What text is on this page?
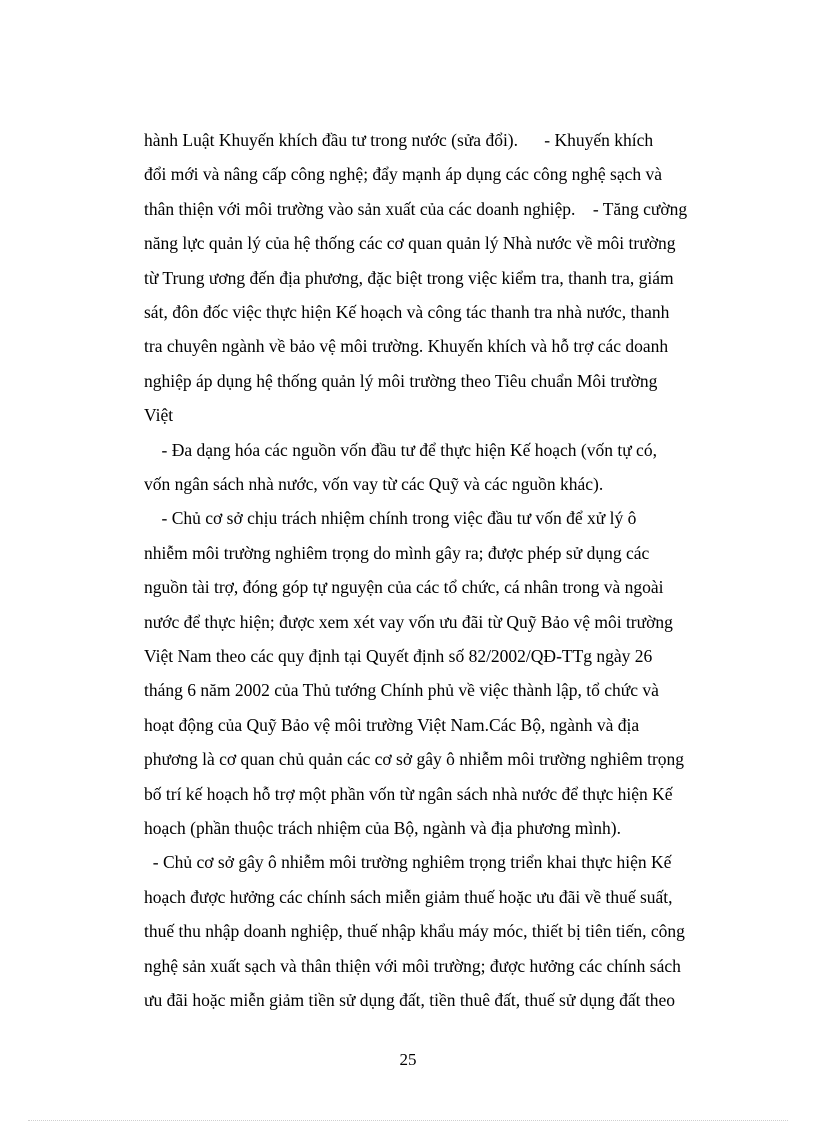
hành Luật Khuyến khích đầu tư trong nước (sửa đổi).      - Khuyến khích
đổi mới và nâng cấp công nghệ; đẩy mạnh áp dụng các công nghệ sạch và
thân thiện với môi trường vào sản xuất của các doanh nghiệp.    - Tăng cường
năng lực quản lý của hệ thống các cơ quan quản lý Nhà nước về môi trường
từ Trung ương đến địa phương, đặc biệt trong việc kiểm tra, thanh tra, giám
sát, đôn đốc việc thực hiện Kế hoạch và công tác thanh tra nhà nước, thanh
tra chuyên ngành về bảo vệ môi trường. Khuyến khích và hỗ trợ các doanh
nghiệp áp dụng hệ thống quản lý môi trường theo Tiêu chuẩn Môi trường
Việt
- Đa dạng hóa các nguồn vốn đầu tư để thực hiện Kế hoạch (vốn tự có,
vốn ngân sách nhà nước, vốn vay từ các Quỹ và các nguồn khác).
- Chủ cơ sở chịu trách nhiệm chính trong việc đầu tư vốn để xử lý ô
nhiễm môi trường nghiêm trọng do mình gây ra; được phép sử dụng các
nguồn tài trợ, đóng góp tự nguyện của các tổ chức, cá nhân trong và ngoài
nước để thực hiện; được xem xét vay vốn ưu đãi từ Quỹ Bảo vệ môi trường
Việt Nam theo các quy định tại Quyết định số 82/2002/QĐ-TTg ngày 26
tháng 6 năm 2002 của Thủ tướng Chính phủ về việc thành lập, tổ chức và
hoạt động của Quỹ Bảo vệ môi trường Việt Nam.Các Bộ, ngành và địa
phương là cơ quan chủ quản các cơ sở gây ô nhiễm môi trường nghiêm trọng
bố trí kế hoạch hỗ trợ một phần vốn từ ngân sách nhà nước để thực hiện Kế
hoạch (phần thuộc trách nhiệm của Bộ, ngành và địa phương mình).
- Chủ cơ sở gây ô nhiễm môi trường nghiêm trọng triển khai thực hiện Kế
hoạch được hưởng các chính sách miễn giảm thuế hoặc ưu đãi về thuế suất,
thuế thu nhập doanh nghiệp, thuế nhập khẩu máy móc, thiết bị tiên tiến, công
nghệ sản xuất sạch và thân thiện với môi trường; được hưởng các chính sách
ưu đãi hoặc miễn giảm tiền sử dụng đất, tiền thuê đất, thuế sử dụng đất theo
25
